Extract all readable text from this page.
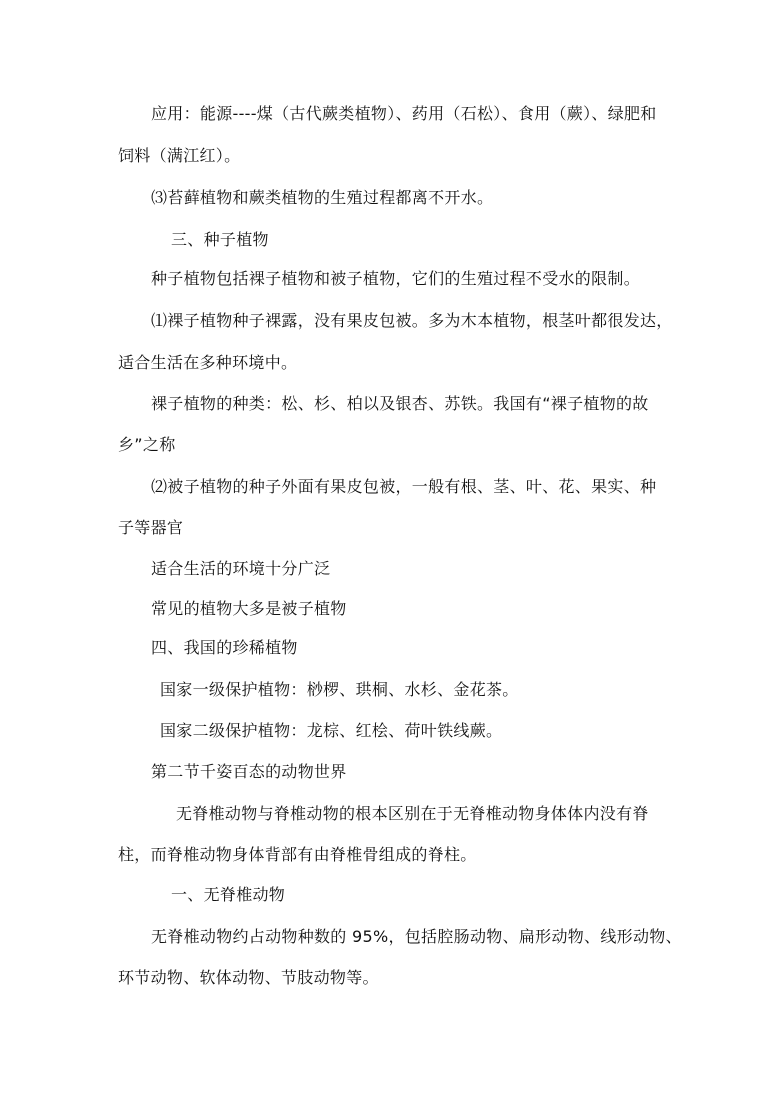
应用：能源----煤（古代蕨类植物）、药用（石松）、食用（蕨）、绿肥和
饲料（满江红）。
⑶苔藓植物和蕨类植物的生殖过程都离不开水。
三、种子植物
种子植物包括裸子植物和被子植物，它们的生殖过程不受水的限制。
⑴裸子植物种子裸露，没有果皮包被。多为木本植物，根茎叶都很发达，
适合生活在多种环境中。
裸子植物的种类：松、杉、柏以及银杏、苏铁。我国有“裸子植物的故
乡”之称
⑵被子植物的种子外面有果皮包被，一般有根、茎、叶、花、果实、种
子等器官
适合生活的环境十分广泛
常见的植物大多是被子植物
四、我国的珍稀植物
国家一级保护植物：桫椤、珙桐、水杉、金花茶。
国家二级保护植物：龙棕、红桧、荷叶铁线蕨。
第二节千姿百态的动物世界
无脊椎动物与脊椎动物的根本区别在于无脊椎动物身体体内没有脊
柱，而脊椎动物身体背部有由脊椎骨组成的脊柱。
一、无脊椎动物
无脊椎动物约占动物种数的 95%，包括腔肠动物、扁形动物、线形动物、
环节动物、软体动物、节肢动物等。
